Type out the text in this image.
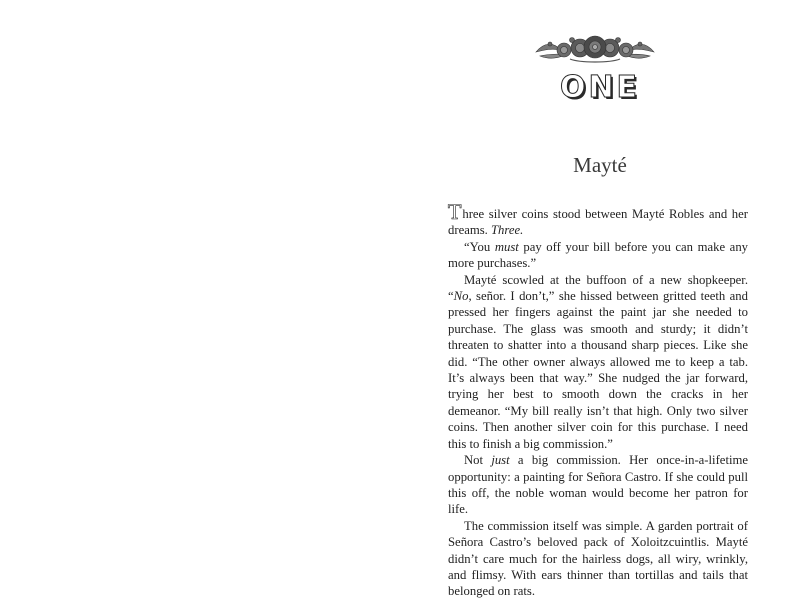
ONE
Mayté

Three silver coins stood between Mayté Robles and her dreams. Three.

“You must pay off your bill before you can make any more purchases.”

Mayté scowled at the buffoon of a new shopkeeper. “No, señor. I don’t,” she hissed between gritted teeth and pressed her fingers against the paint jar she needed to purchase. The glass was smooth and sturdy; it didn’t threaten to shatter into a thousand sharp pieces. Like she did. “The other owner always allowed me to keep a tab. It’s always been that way.” She nudged the jar forward, trying her best to smooth down the cracks in her demeanor. “My bill really isn’t that high. Only two silver coins. Then another silver coin for this purchase. I need this to finish a big commission.”

Not just a big commission. Her once-in-a-lifetime opportunity: a painting for Señora Castro. If she could pull this off, the noble woman would become her patron for life.

The commission itself was simple. A garden portrait of Señora Castro’s beloved pack of Xoloitzcuintlis. Mayté didn’t care much for the hairless dogs, all wiry, wrinkly, and flimsy. With ears thinner than tortillas and tails that belonged on rats.
